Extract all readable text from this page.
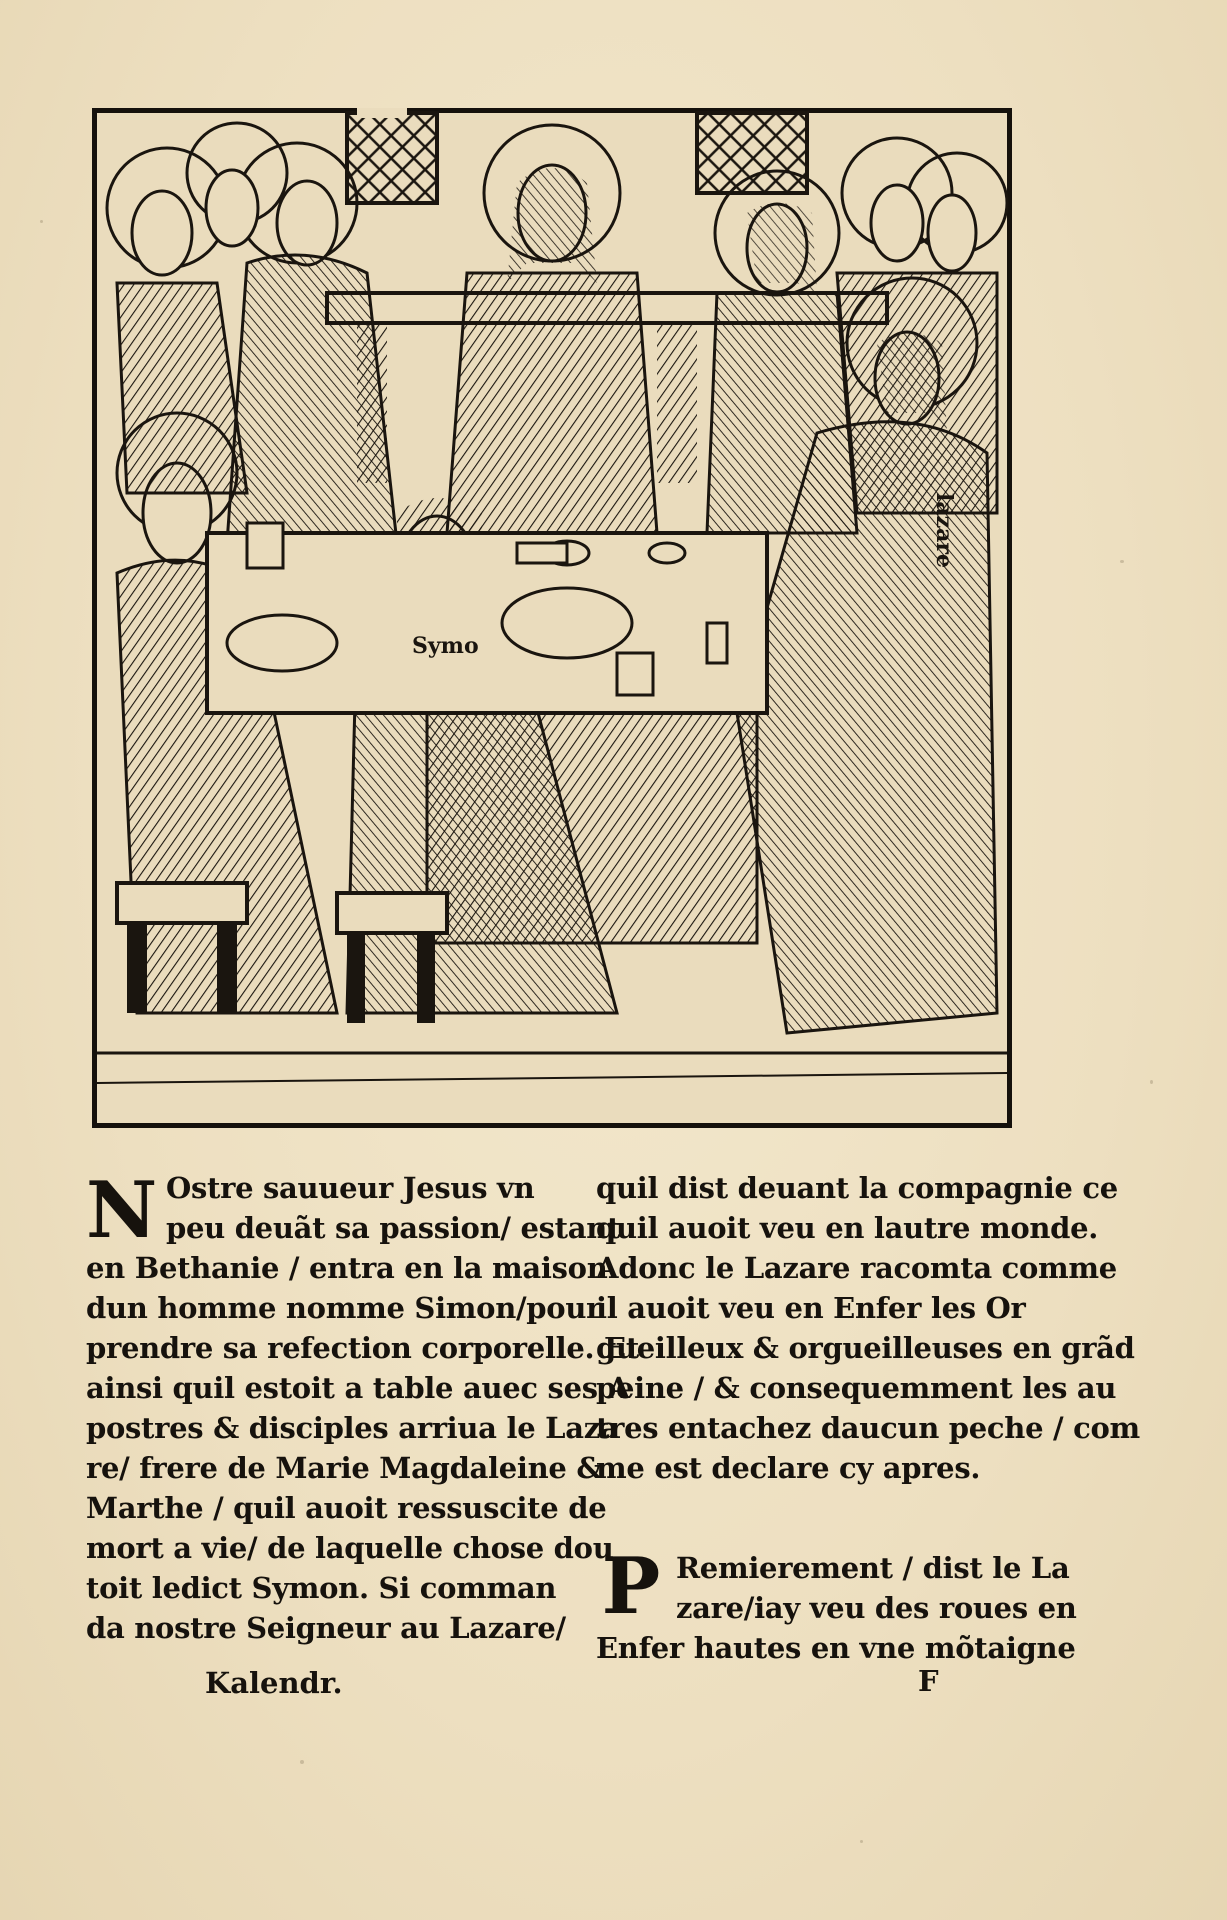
Symo
lazare
N Ostre sauueur Jesus vn
peu deuãt sa passion/ estant
en Bethanie / entra en la maison
dun homme nomme Simon/pour
prendre sa refection corporelle. Et
ainsi quil estoit a table auec ses A
postres & disciples arriua le Laza
re/ frere de Marie Magdaleine &
Marthe / quil auoit ressuscite de
mort a vie/ de laquelle chose dou
toit ledict Symon. Si comman
da nostre Seigneur au Lazare/
Kalendr.
quil dist deuant la compagnie ce
quil auoit veu en lautre monde.
Adonc le Lazare racomta comme
il auoit veu en Enfer les Or
gueilleux & orgueilleuses en grãd
peine / & consequemment les au
tres entachez daucun peche / com
me est declare cy apres.
Remierement / dist le La
zare/iay veu des roues en
Enfer hautes en vne mõtaigne
P
F
